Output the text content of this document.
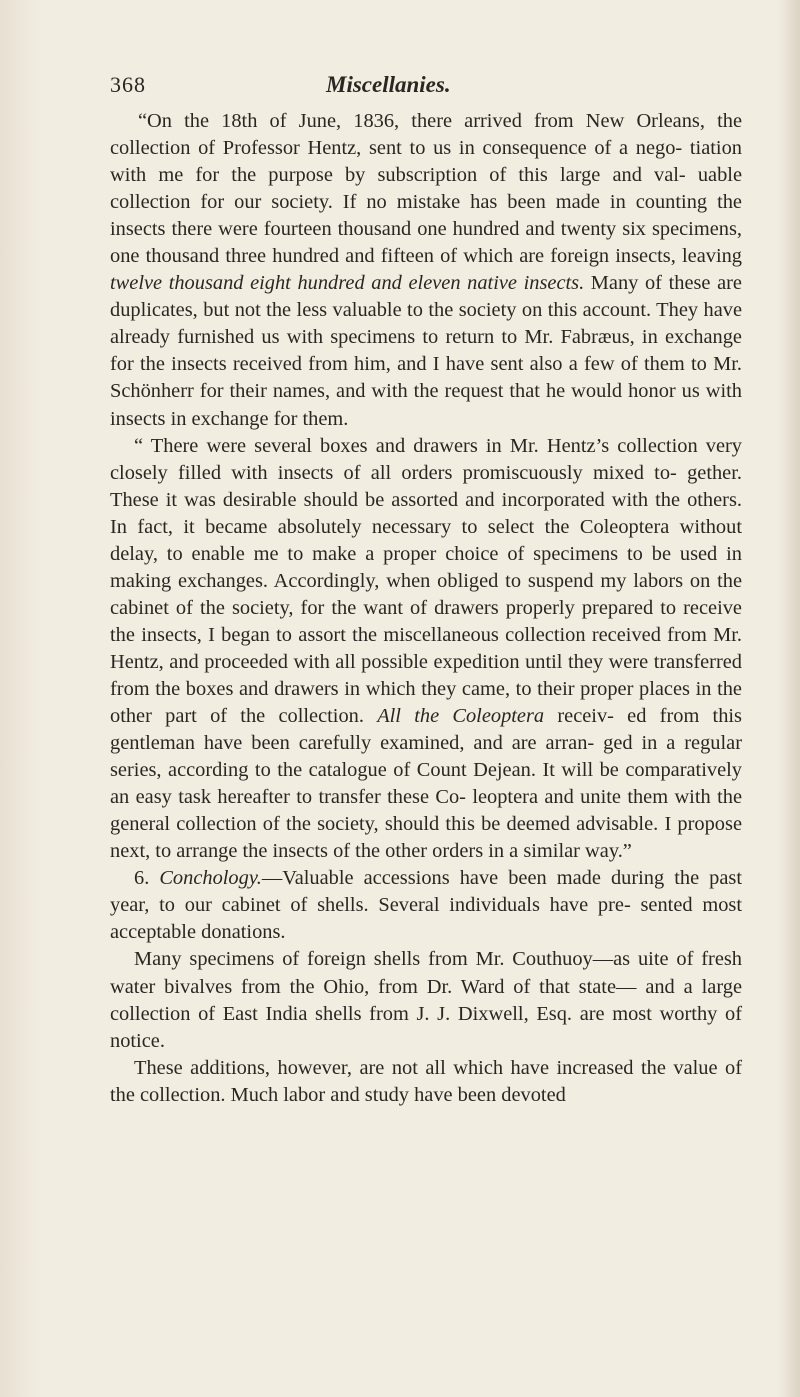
368	Miscellanies.

“On the 18th of June, 1836, there arrived from New Orleans, the collection of Professor Hentz, sent to us in consequence of a nego- tiation with me for the purpose by subscription of this large and val- uable collection for our society. If no mistake has been made in counting the insects there were fourteen thousand one hundred and twenty six specimens, one thousand three hundred and fifteen of which are foreign insects, leaving twelve thousand eight hundred and eleven native insects. Many of these are duplicates, but not the less valuable to the society on this account. They have already furnished us with specimens to return to Mr. Fabræus, in exchange for the insects received from him, and I have sent also a few of them to Mr. Schönherr for their names, and with the request that he would honor us with insects in exchange for them.

“ There were several boxes and drawers in Mr. Hentz’s collection very closely filled with insects of all orders promiscuously mixed to- gether. These it was desirable should be assorted and incorporated with the others. In fact, it became absolutely necessary to select the Coleoptera without delay, to enable me to make a proper choice of specimens to be used in making exchanges. Accordingly, when obliged to suspend my labors on the cabinet of the society, for the want of drawers properly prepared to receive the insects, I began to assort the miscellaneous collection received from Mr. Hentz, and proceeded with all possible expedition until they were transferred from the boxes and drawers in which they came, to their proper places in the other part of the collection. All the Coleoptera receiv- ed from this gentleman have been carefully examined, and are arran- ged in a regular series, according to the catalogue of Count Dejean. It will be comparatively an easy task hereafter to transfer these Co- leoptera and unite them with the general collection of the society, should this be deemed advisable. I propose next, to arrange the insects of the other orders in a similar way.”

6. Conchology.—Valuable accessions have been made during the past year, to our cabinet of shells. Several individuals have pre- sented most acceptable donations.

Many specimens of foreign shells from Mr. Couthuoy—as uite of fresh water bivalves from the Ohio, from Dr. Ward of that state— and a large collection of East India shells from J. J. Dixwell, Esq. are most worthy of notice.

These additions, however, are not all which have increased the value of the collection. Much labor and study have been devoted
